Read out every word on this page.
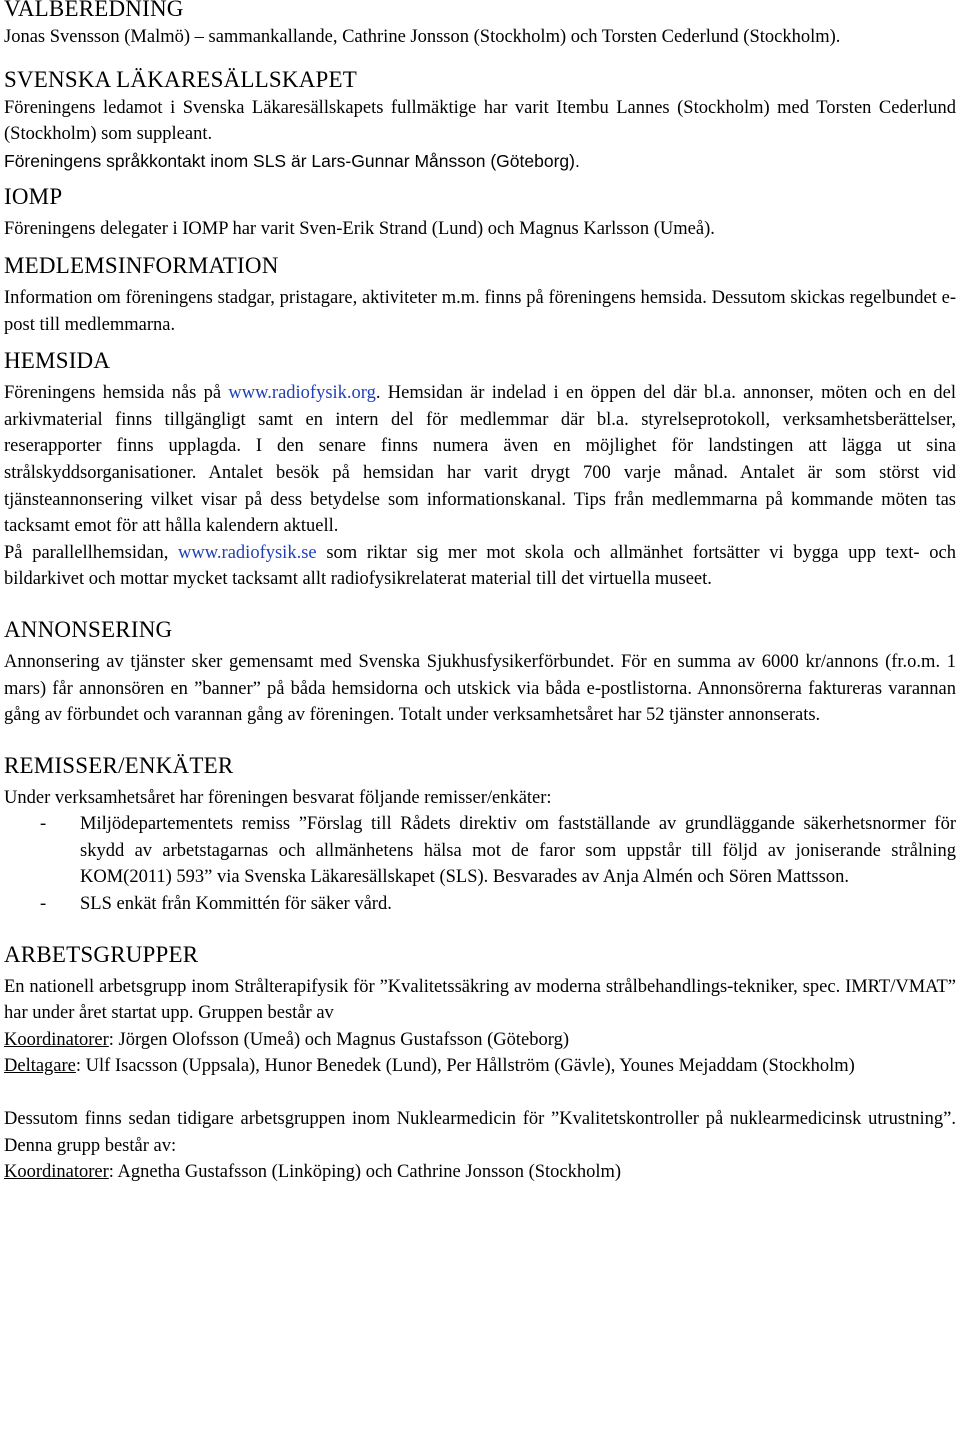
VALBEREDNING

Jonas Svensson (Malmö) – sammankallande, Cathrine Jonsson (Stockholm) och Torsten Cederlund (Stockholm).

SVENSKA LÄKARESÄLLSKAPET

Föreningens ledamot i Svenska Läkaresällskapets fullmäktige har varit Itembu Lannes (Stockholm) med Torsten Cederlund (Stockholm) som suppleant.

Föreningens språkkontakt inom SLS är Lars-Gunnar Månsson (Göteborg).

IOMP

Föreningens delegater i IOMP har varit Sven-Erik Strand (Lund) och Magnus Karlsson (Umeå).

MEDLEMSINFORMATION

Information om föreningens stadgar, pristagare, aktiviteter m.m. finns på föreningens hemsida. Dessutom skickas regelbundet e-post till medlemmarna.

HEMSIDA

Föreningens hemsida nås på www.radiofysik.org. Hemsidan är indelad i en öppen del där bl.a. annonser, möten och en del arkivmaterial finns tillgängligt samt en intern del för medlemmar där bl.a. styrelseprotokoll, verksamhetsberättelser, reserapporter finns upplagda. I den senare finns numera även en möjlighet för landstingen att lägga ut sina strålskyddsorganisationer. Antalet besök på hemsidan har varit drygt 700 varje månad. Antalet är som störst vid tjänsteannonsering vilket visar på dess betydelse som informationskanal. Tips från medlemmarna på kommande möten tas tacksamt emot för att hålla kalendern aktuell.

På parallellhemsidan, www.radiofysik.se som riktar sig mer mot skola och allmänhet fortsätter vi bygga upp text- och bildarkivet och mottar mycket tacksamt allt radiofysikrelaterat material till det virtuella museet.

ANNONSERING

Annonsering av tjänster sker gemensamt med Svenska Sjukhusfysikerförbundet. För en summa av 6000 kr/annons (fr.o.m. 1 mars) får annonsören en ”banner” på båda hemsidorna och utskick via båda e-postlistorna. Annonsörerna faktureras varannan gång av förbundet och varannan gång av föreningen. Totalt under verksamhetsåret har 52 tjänster annonserats.

REMISSER/ENKÄTER

Under verksamhetsåret har föreningen besvarat följande remisser/enkäter:

- Miljödepartementets remiss ”Förslag till Rådets direktiv om fastställande av grundläggande säkerhetsnormer för skydd av arbetstagarnas och allmänhetens hälsa mot de faror som uppstår till följd av joniserande strålning KOM(2011) 593” via Svenska Läkaresällskapet (SLS). Besvarades av Anja Almén och Sören Mattsson.
- SLS enkät från Kommittén för säker vård.
ARBETSGRUPPER

En nationell arbetsgrupp inom Strålterapifysik för ”Kvalitetssäkring av moderna strålbehandlings-tekniker, spec. IMRT/VMAT” har under året startat upp. Gruppen består av

Koordinatorer: Jörgen Olofsson (Umeå) och Magnus Gustafsson (Göteborg)

Deltagare: Ulf Isacsson (Uppsala), Hunor Benedek (Lund), Per Hållström (Gävle), Younes Mejaddam (Stockholm)

Dessutom finns sedan tidigare arbetsgruppen inom Nuklearmedicin för ”Kvalitetskontroller på nuklearmedicinsk utrustning”. Denna grupp består av:

Koordinatorer: Agnetha Gustafsson (Linköping) och Cathrine Jonsson (Stockholm)
